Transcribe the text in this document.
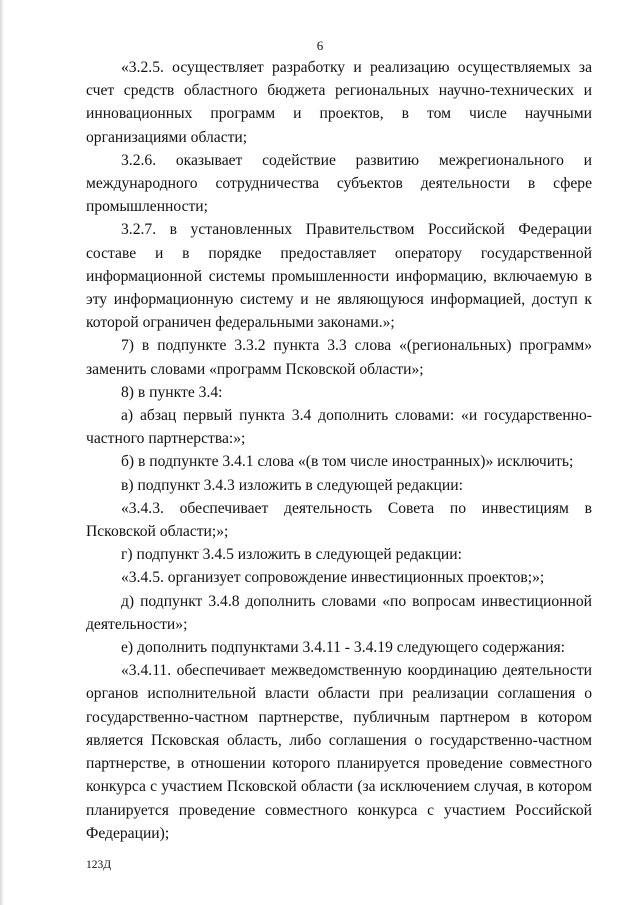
6

«3.2.5. осуществляет разработку и реализацию осуществляемых за счет средств областного бюджета региональных научно-технических и инновационных программ и проектов, в том числе научными организациями области;

3.2.6. оказывает содействие развитию межрегионального и международного сотрудничества субъектов деятельности в сфере промышленности;

3.2.7. в установленных Правительством Российской Федерации составе и в порядке предоставляет оператору государственной информационной системы промышленности информацию, включаемую в эту информационную систему и не являющуюся информацией, доступ к которой ограничен федеральными законами.»;

7) в подпункте 3.3.2 пункта 3.3 слова «(региональных) программ» заменить словами «программ Псковской области»;

8) в пункте 3.4:

а) абзац первый пункта 3.4 дополнить словами: «и государственно-частного партнерства:»;

б) в подпункте 3.4.1 слова «(в том числе иностранных)» исключить;

в) подпункт 3.4.3 изложить в следующей редакции:

«3.4.3. обеспечивает деятельность Совета по инвестициям в Псковской области;»;

г) подпункт 3.4.5 изложить в следующей редакции:

«3.4.5. организует сопровождение инвестиционных проектов;»;

д) подпункт 3.4.8 дополнить словами «по вопросам инвестиционной деятельности»;

е) дополнить подпунктами 3.4.11 - 3.4.19 следующего содержания:

«3.4.11. обеспечивает межведомственную координацию деятельности органов исполнительной власти области при реализации соглашения о государственно-частном партнерстве, публичным партнером в котором является Псковская область, либо соглашения о государственно-частном партнерстве, в отношении которого планируется проведение совместного конкурса с участием Псковской области (за исключением случая, в котором планируется проведение совместного конкурса с участием Российской Федерации);

123Д
